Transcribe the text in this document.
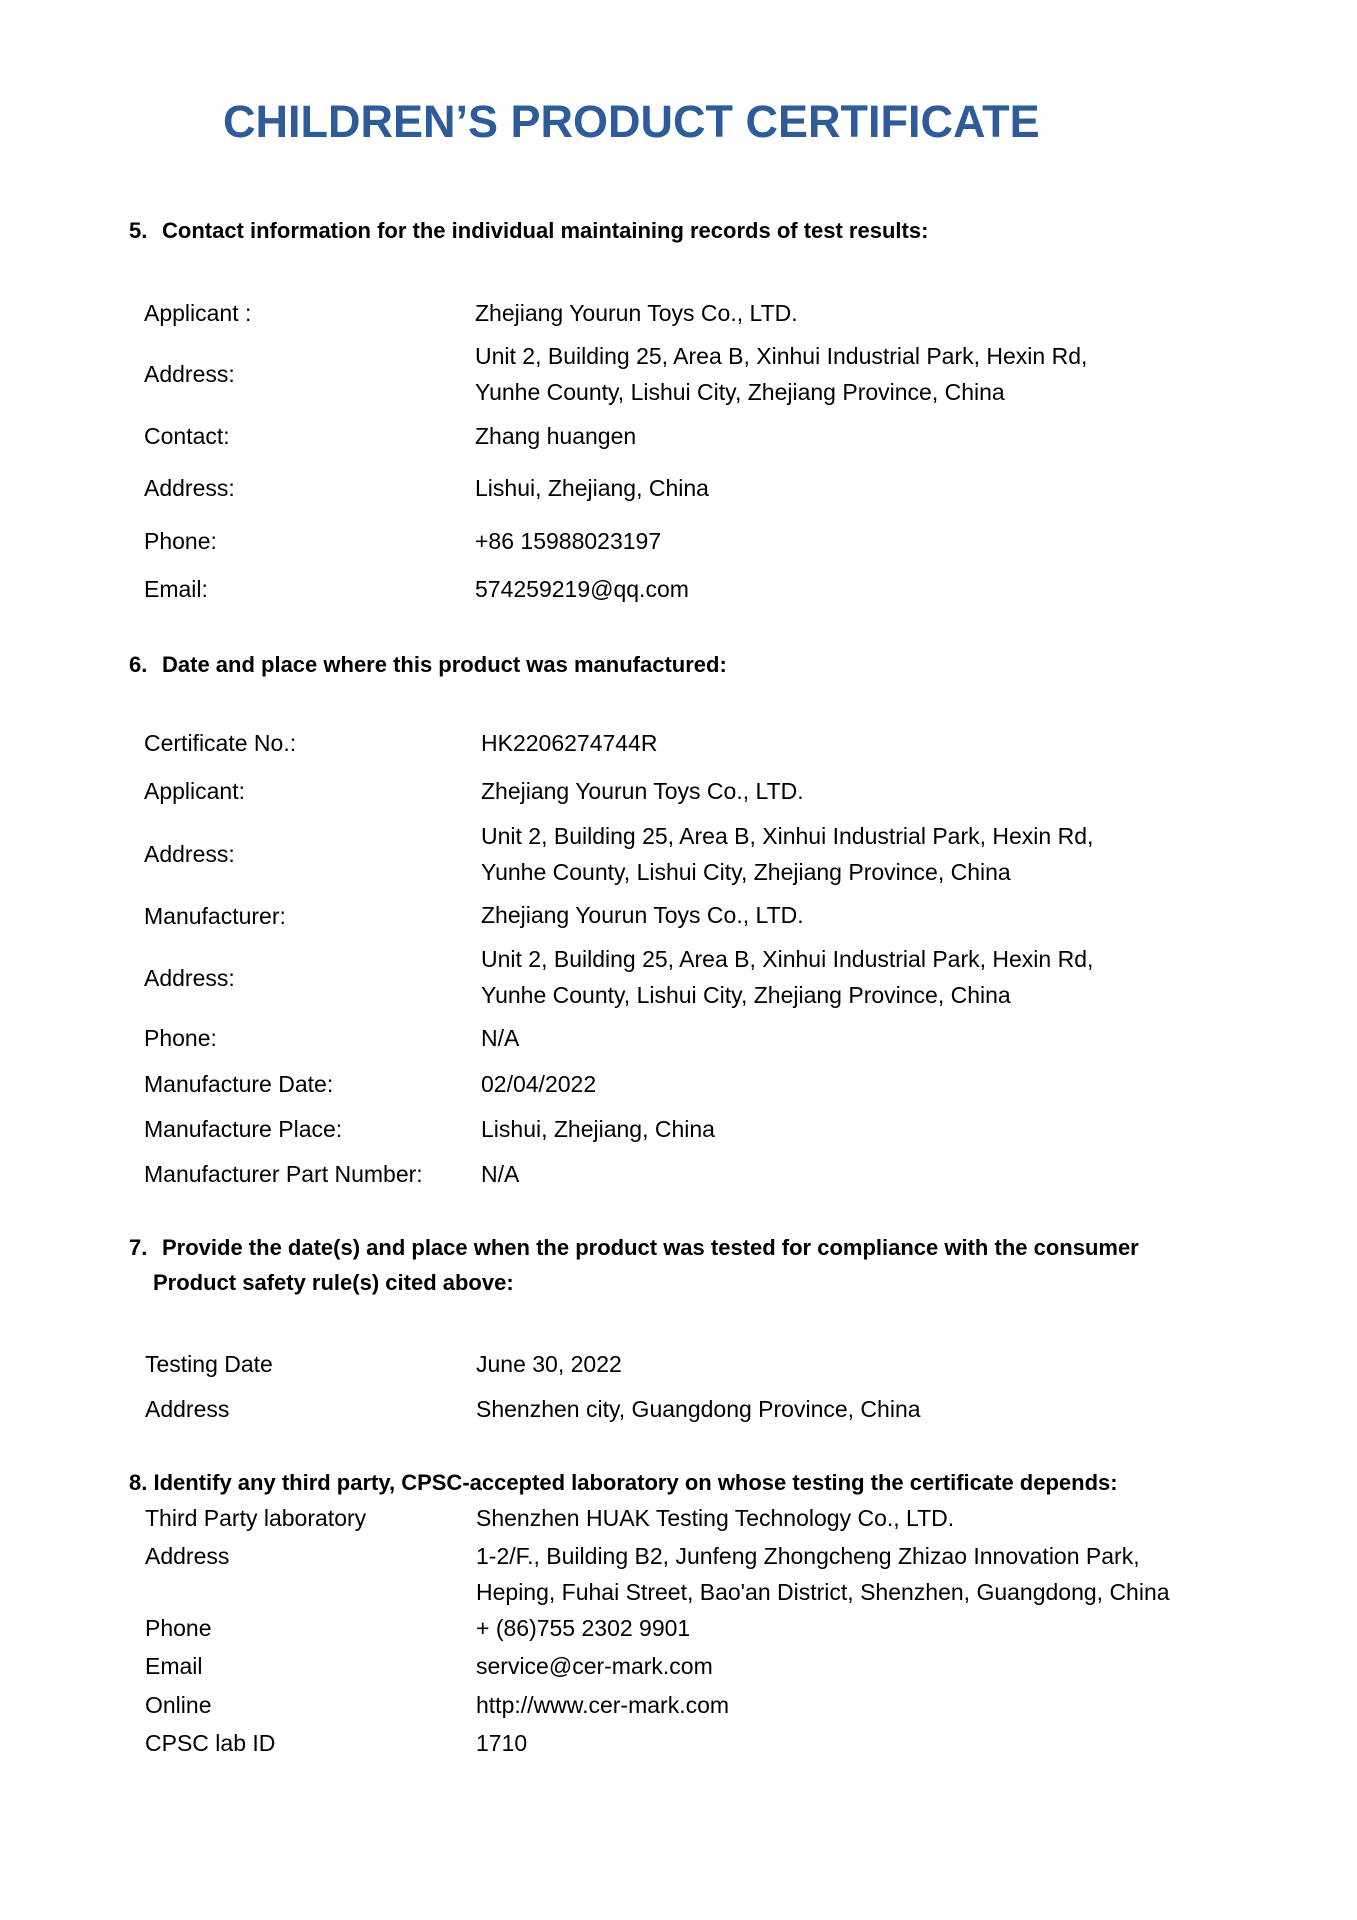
CHILDREN’S PRODUCT CERTIFICATE
5. Contact information for the individual maintaining records of test results:
Applicant :	Zhejiang Yourun Toys Co., LTD.
Address:
Unit 2, Building 25, Area B, Xinhui Industrial Park, Hexin Rd,
Yunhe County, Lishui City, Zhejiang Province, China
Contact:	Zhang huangen
Address:	Lishui, Zhejiang, China
Phone:	+86 15988023197
Email:	574259219@qq.com
6. Date and place where this product was manufactured:
Certificate No.:	HK2206274744R
Applicant:	Zhejiang Yourun Toys Co., LTD.
Address:
Unit 2, Building 25, Area B, Xinhui Industrial Park, Hexin Rd,
Yunhe County, Lishui City, Zhejiang Province, China
Manufacturer:	Zhejiang Yourun Toys Co., LTD.
Address:
Unit 2, Building 25, Area B, Xinhui Industrial Park, Hexin Rd,
Yunhe County, Lishui City, Zhejiang Province, China
Phone:	N/A
Manufacture Date:	02/04/2022
Manufacture Place:	Lishui, Zhejiang, China
Manufacturer Part Number:	N/A
7. Provide the date(s) and place when the product was tested for compliance with the consumer
Product safety rule(s) cited above:
Testing Date	June 30, 2022
Address	Shenzhen city, Guangdong Province, China
8. Identify any third party, CPSC-accepted laboratory on whose testing the certificate depends:
Third Party laboratory	Shenzhen HUAK Testing Technology Co., LTD.
Address	1-2/F., Building B2, Junfeng Zhongcheng Zhizao Innovation Park,
Heping, Fuhai Street, Bao'an District, Shenzhen, Guangdong, China
Phone	+ (86)755 2302 9901
Email	service@cer-mark.com
Online	http://www.cer-mark.com
CPSC lab ID	1710
